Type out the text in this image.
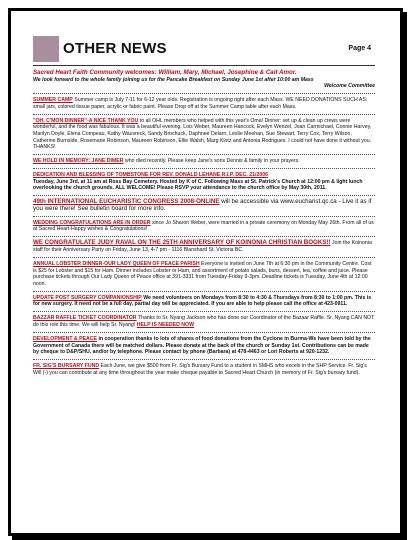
OTHER NEWS	Page 4
Sacred Heart Faith Community welcomes: William, Mary, Michael, Josephine & Cait Amor.
We look forward to the whole family joining us for the Pancake Breakfast on Sunday June 1st after 10:00 am Mass
Welcome Committee
SUMMER CAMP Summer camp is July 7-11 for 6-12 year olds. Registration is ongoing right after each Mass. WE NEED DONATIONS SUCH AS: small jars, colored tissue paper, acrylic or fabric paint. Please Drop off at the Summer Camp table after each Mass.
"OH, C'MON DINNER"-A NICE THANK YOU to all OHL members who helped with this year's Oma! Dinner: set up & clean up crews were wonderful, and the food was fabulous. It was a beautiful evening. Lois Weber, Maureen Hancock, Evelyn Wenzel, Joan Carmichael, Connie Harvey, Marilyn Doyle, Elena Compeau, Kathy Wauvreck, Sandy Brochuck, Daphnee Delarn, Leslie Meehan, Sue Stewart, Terry Cox, Terry Wilson, Catherine Burnside, Rosemarie Robinson, Maureen Robinson, Ellie Walsh, Marg Klotz and Antonia Rodrigues. I could not have done it without you. THANKS!
WE HOLD IN MEMORY: JANE DIMER who died recently. Please keep Jane's sons Dennis & family in your prayers.
DEDICATION AND BLESSING OF TOMBSTONE FOR REV. DONALD LEHANE R.I.P. DEC. 21/2006
Tuesday, June 3rd, at 11 am at Ross Bay Cemetery. Hosted by K of C. Following Mass at St. Patrick's Church at 12:00 pm & light lunch overlooking the church grounds. ALL WELCOME! Please RSVP your attendance to the church office by May 30th, 2011.
49th INTERNATIONAL EUCHARISTIC CONGRESS 2008-ONLINE will be accessible via www.eucharist.qc.ca - Live it as if you were there! See bulletin board for more info.
WEDDING CONGRATULATIONS ARE IN ORDER since Jo Sharon Weber, were married in a private ceremony on Monday May 26th. From all of us at Sacred Heart-Happy wishes & Congratulations!
WE CONGRATULATE JUDY RAVAL ON THE 25TH ANNIVERSARY OF KOINONIA CHRISTIAN BOOKS!! Join the Koinonia staff for their Anniversary Party on Friday, June 13, 4-7 pm - 1116 Blanshard St. Victoria BC.
ANNUAL LOBSTER DINNER-OUR LADY QUEEN OF PEACE PARISH Everyone is invited on June 7th at 6:30 pm in the Community Centre. Cost is $25 for Lobster and $15 for Ham. Dinner includes Lobster or Ham, and assortment of potato salads, buns, dessert, tea, coffee and juice. Please purchase tickets through Our Lady Queen of Peace office at 391-3331 from Tuesday-Friday 9-3pm. Deadline tickets is Tuesday, June 4th at 12:00 noon.
UPDATE POST SURGERY COMPANIONSHIP We need volunteers on Mondays from 8:30 to 4:30 & Thursdays from 8:30 to 1:00 pm. This is for new surgery. It need not be a full day, partial day will be appreciated. If you are able to help please call the office at 423-0911.
BAZZAR RAFFLE TICKET COORDINATOR Thanks to Sr. Nyang Jackson who has done our Coordinator of the Bazaar Raffle. Sr. Nyang CAN NOT do this role this time. We will help Sr. Nyang! HELP IS NEEDED NOW
DEVELOPMENT & PEACE in cooperation thanks to lots of shares of food donations from the Cyclone in Burma-We have been told by the Government of Canada there will be matched dollars. Please donate at the back of the church or Sunday 1st. Contributions can be made by cheque to D&P/SHU, and/or by telephone. Please contact by phone (Barbara) at 478-4463 or Lori Roberts at 920-1232.
FR. SIG'S BURSARY FUND Each June, we give $500 from Fr. Sig's Bursary Fund to a student in SMHS who excels in the SHP Service. Fr. Sig's Will (-) you can contribute at any time throughout the year make cheque payable to Sacred Heart Church (in memory of Fr. Sig's bursary fund).
